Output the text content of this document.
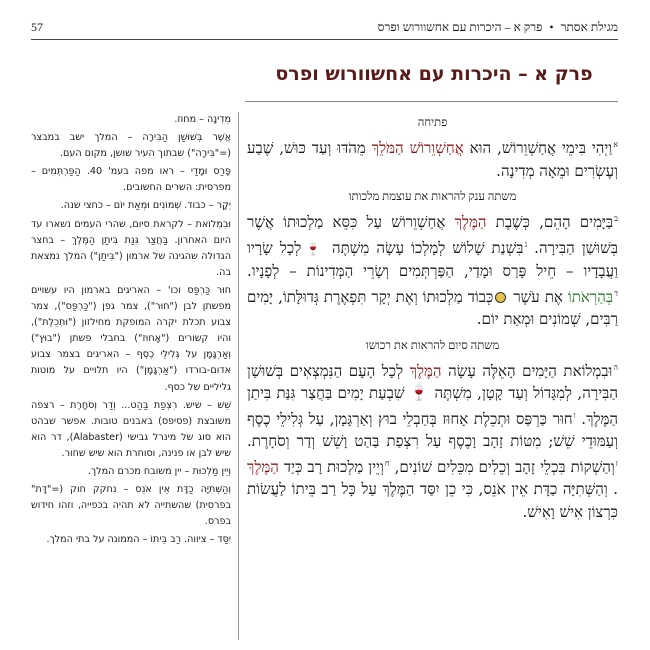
57	מגילת אסתר • פרק א – היכרות עם אחשוורוש ופרס
פרק א – היכרות עם אחשוורוש ופרס

מְדִינָה – מחוז.

אֲשֶׁר בְּשׁוּשַׁן הַבִּירָה – המלך ישב במבצר (="בִּירָה") שבתוך העיר שושן, מקום העם.

פָּרַס וּמָדַי – ראו מפה בעמ' 40. הַפַּרְתְּמִים – מפרסית: השרים החשובים.

יְקָר – כבוד. שְׁמוֹנִים וּמְאַת יוֹם – כחצי שנה.

וּבִמְלוֹאת – לקראת סיום, שהרי העמים נשארו עד היום האחרון. בַּחֲצַר גִּנַּת בִּיתַן הַמֶּלֶךְ – בחצר הגדולה שהגינה של ארמון ("בִּיתַן") המלך נמצאת בה.

חוּר כַּרְפַּס וכו' – האריגים בארמון היו עשויים מפשתן לבן ("חוּר"), צמר גפן ("כַּרְפַּס"), צמר צבוע תכלת יקרה המופקת מחילזון ("וּתְכֵלֶת"), והיו קשורים ("אָחוּז") בחבלי פשתן ("בוּץ") וְאַרְגָּמָן על גְּלִילֵי כֶסֶף – האריגים בצמר צבוע אדום-בורדו ("אַרְגָּמָן") היו תלויים על מוטות גליליים של כסף.

שֵׁשׁ – שיש. רִצְפַת בַּהַט... וְדַר וְסֹחָרֶת – רצפה משובצת (פסיפס) באבנים טובות. אפשר שבהט הוא סוג של מינרל גבישי (Alabaster), דר הוא שיש לבן או פנינה, וסוחרת הוא שיש שחור.

וְיֵין מַלְכוּת – יין משובח מכרם המלך.

וְהַשְּׁתִיָּה כַדָּת אֵין אֹנֵס – נחקק חוק (="דָּת" בפרסית) שהשתייה לא תהיה בכפייה, וזהו חידוש בפרס.

יִסַּד – ציווה. רַב בֵּיתוֹ – הממונה על בתי המלך.

פתיחה
$^א$וַיְהִי בִּימֵי אֲחַשְׁוֵרוֹשׁ, הוּא אֲחַשְׁוֵרוֹשׁ הַמֹּלֵךְ מֵהֹדּוּ וְעַד כּוּשׁ, שֶׁבַע וְעֶשְׂרִים וּמֵאָה מְדִינָה.
משתה ענק להראות את עוצמת מלכותו
$^ב$בַּיָּמִים הָהֵם, כְּשֶׁבֶת הַמֶּלֶךְ אֲחַשְׁוֵרוֹשׁ עַל כִּסֵּא מַלְכוּתוֹ אֲשֶׁר בְּשׁוּשַׁן הַבִּירָה. $^ג$בִּשְׁנַת שָׁלוֹשׁ לְמָלְכוֹ עָשָׂה מִשְׁתֶּה 🍷לְכָל שָׂרָיו וַעֲבָדָיו – חֵיל פָּרַס וּמָדַי, הַפַּרְתְּמִים וְשָׂרֵי הַמְּדִינוֹת – לְפָנָיו. $^ד$בְּהַרְאֹתוֹ אֶת עֹשֶׁר כְּבוֹד מַלְכוּתוֹ וְאֶת יְקָר תִּפְאֶרֶת גְּדוּלָּתוֹ, יָמִים רַבִּים, שְׁמוֹנִים וּמְאַת יוֹם.
משתה סיום להראות את רכושו
$^ה$וּבִמְלוֹאת הַיָּמִים הָאֵלֶּה עָשָׂה הַמֶּלֶךְ לְכָל הָעָם הַנִּמְצְאִים בְּשׁוּשַׁן הַבִּירָה, לְמִגָּדוֹל וְעַד קָטָן, מִשְׁתֶּה 🍷 שִׁבְעַת יָמִים בַּחֲצַר גִּנַּת בִּיתַן הַמֶּלֶךְ. $^ו$חוּר כַּרְפַּס וּתְכֵלֶת אָחוּז בְּחַבְלֵי בוּץ וְאַרְגָּמָן, עַל גְּלִילֵי כֶסֶף וְעַמּוּדֵי שֵׁשׁ; מִטּוֹת זָהָב וָכֶסֶף עַל רִצְפַת בַּהַט וָשֵׁשׁ וְדַר וְסֹחָרֶת. $^ז$וְהַשְׁקוֹת בִּכְלֵי זָהָב וְכֵלִים מִכֵּלִים שׁוֹנִים, $^ח$וְיֵין מַלְכוּת רָב כְּיַד הַמֶּלֶךְ . וְהַשְּׁתִיָּה כַדָּת אֵין אֹנֵס, כִּי כֵן יִסַּד הַמֶּלֶךְ עַל כָּל רַב בֵּיתוֹ לַעֲשׂוֹת כִּרְצוֹן אִישׁ וָאִישׁ.
